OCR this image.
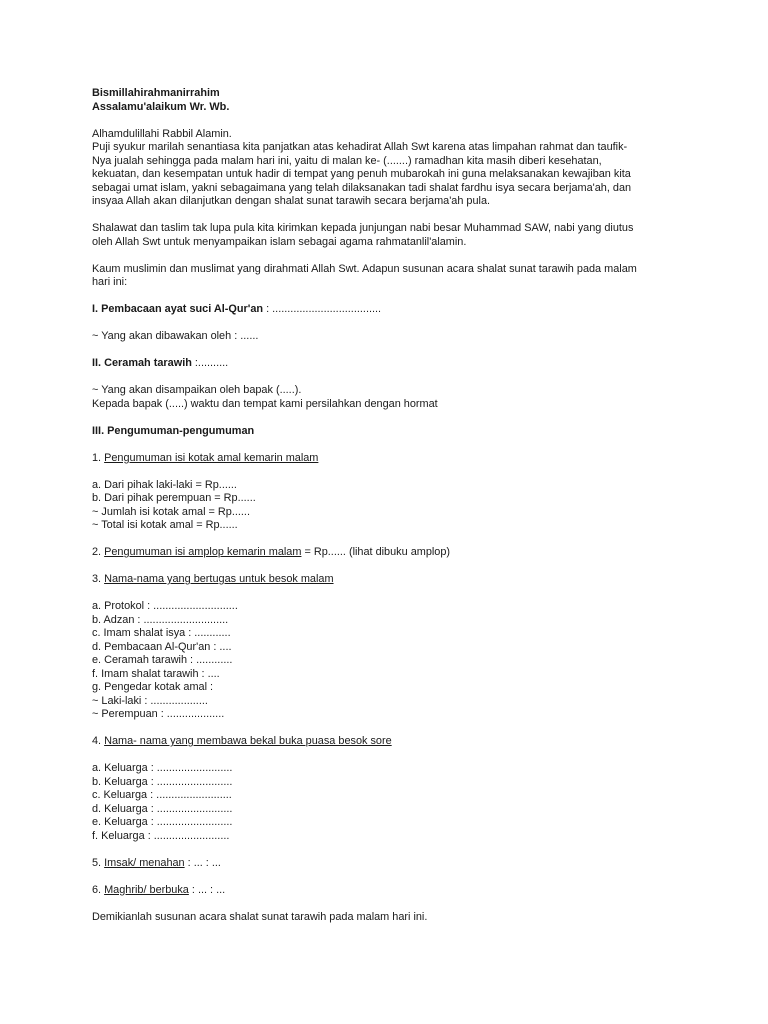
Bismillahirahmanirrahim
Assalamu'alaikum Wr. Wb.
Alhamdulillahi Rabbil Alamin.
Puji syukur marilah senantiasa kita panjatkan atas kehadirat Allah Swt karena atas limpahan rahmat dan taufik-
Nya jualah sehingga pada malam hari ini, yaitu di malan ke- (.......) ramadhan kita masih diberi kesehatan,
kekuatan, dan kesempatan untuk hadir di tempat yang penuh mubarokah ini guna melaksanakan kewajiban kita
sebagai umat islam, yakni sebagaimana yang telah dilaksanakan tadi shalat fardhu isya secara berjama'ah, dan
insyaa Allah akan dilanjutkan dengan shalat sunat tarawih secara berjama'ah pula.
Shalawat dan taslim tak lupa pula kita kirimkan kepada junjungan nabi besar Muhammad SAW, nabi yang diutus
oleh Allah Swt untuk menyampaikan islam sebagai agama rahmatanlil'alamin.
Kaum muslimin dan muslimat yang dirahmati Allah Swt. Adapun susunan acara shalat sunat tarawih pada malam
hari ini:
I. Pembacaan ayat suci Al-Qur'an : ....................................
~ Yang akan dibawakan oleh : ......
II. Ceramah tarawih :..........
~ Yang akan disampaikan oleh bapak (.....).
Kepada bapak (.....) waktu dan tempat kami persilahkan dengan hormat
III. Pengumuman-pengumuman
1. Pengumuman isi kotak amal kemarin malam
a. Dari pihak laki-laki = Rp......
b. Dari pihak perempuan = Rp......
~ Jumlah isi kotak amal = Rp......
~ Total isi kotak amal = Rp......
2. Pengumuman isi amplop kemarin malam = Rp...... (lihat dibuku amplop)
3. Nama-nama yang bertugas untuk besok malam
a. Protokol : ............................
b. Adzan : ............................
c. Imam shalat isya : ............
d. Pembacaan Al-Qur'an : ....
e. Ceramah tarawih : ............
f. Imam shalat tarawih : ....
g. Pengedar kotak amal :
~ Laki-laki : ...................
~ Perempuan : ...................
4. Nama- nama yang membawa bekal buka puasa besok sore
a. Keluarga : .........................
b. Keluarga : .........................
c. Keluarga : .........................
d. Keluarga : .........................
e. Keluarga : .........................
f. Keluarga : .........................
5. Imsak/ menahan : ... : ...
6. Maghrib/ berbuka : ... : ...
Demikianlah susunan acara shalat sunat tarawih pada malam hari ini.
